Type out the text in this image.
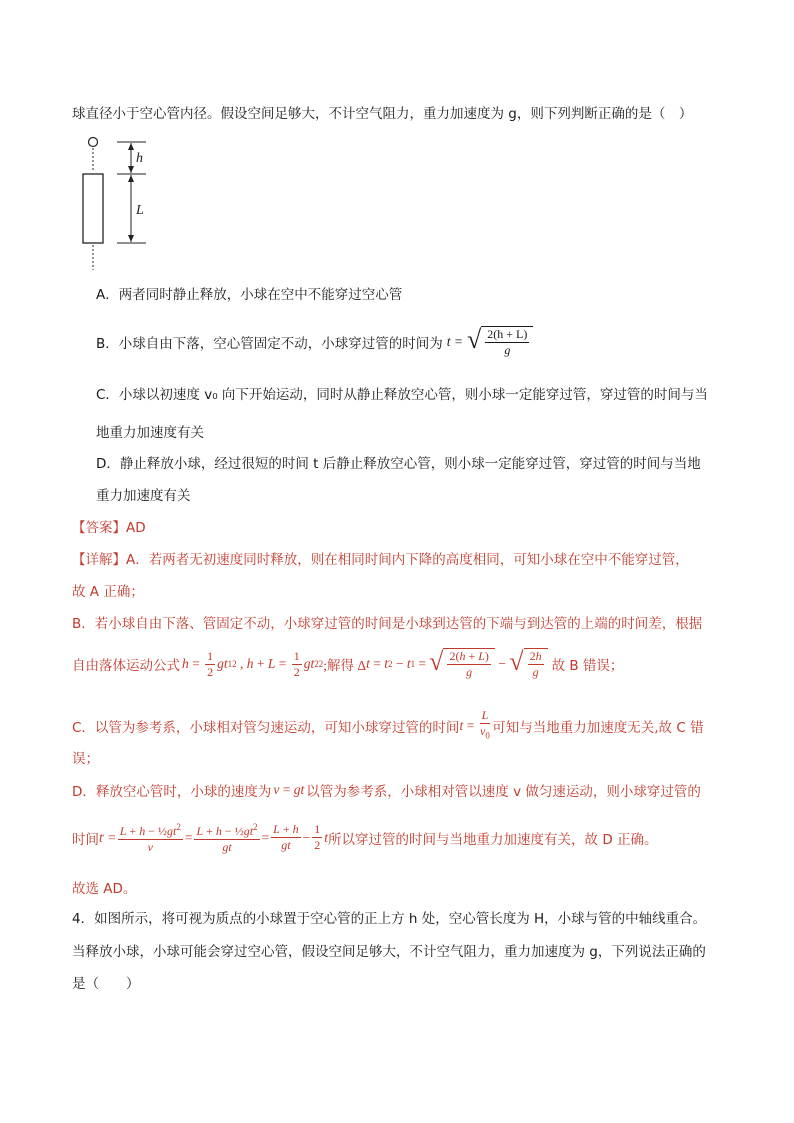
球直径小于空心管内径。假设空间足够大，不计空气阻力，重力加速度为 g，则下列判断正确的是（　）
h
L
A．两者同时静止释放，小球在空中不能穿过空心管
B．小球自由下落，空心管固定不动，小球穿过管的时间为 t = √ $\frac{2(h + L)}{g}$
C．小球以初速度 v₀ 向下开始运动，同时从静止释放空心管，则小球一定能穿过管，穿过管的时间与当
地重力加速度有关
D．静止释放小球，经过很短的时间 t 后静止释放空心管，则小球一定能穿过管，穿过管的时间与当地
重力加速度有关
【答案】AD
【详解】A．若两者无初速度同时释放，则在相同时间内下降的高度相同，可知小球在空中不能穿过管，
故 A 正确；
B．若小球自由下落、管固定不动，小球穿过管的时间是小球到达管的下端与到达管的上端的时间差，根据
自由落体运动公式 $h = \frac{1}{2}$ gt 1 2 , $h + L = \frac{1}{2}$ gt 2 2 ;解得 Δ t = t 2 − t 1 = √ $\frac{2(h + L)}{g}$ − √ $\frac{2h}{g}$ 故 B 错误；
C．以管为参考系，小球相对管匀速运动，可知小球穿过管的时间 $t = \frac{L}{v_0}$ 可知与当地重力加速度无关,故 C 错
误；
D．释放空心管时，小球的速度为 v = gt 以管为参考系，小球相对管以速度 v 做匀速运动，则小球穿过管的
时间 t ′ = $\frac{L + h - \frac{1}{2}gt^2}{v} = \frac{L + h - \frac{1}{2}gt^2}{gt} = \frac{L + h}{gt} - \frac{1}{2}$ t 所以穿过管的时间与当地重力加速度有关，故 D 正确。
故选 AD。
4．如图所示，将可视为质点的小球置于空心管的正上方 h 处，空心管长度为 H，小球与管的中轴线重合。
当释放小球，小球可能会穿过空心管，假设空间足够大，不计空气阻力，重力加速度为 g，下列说法正确的
是（　　）
